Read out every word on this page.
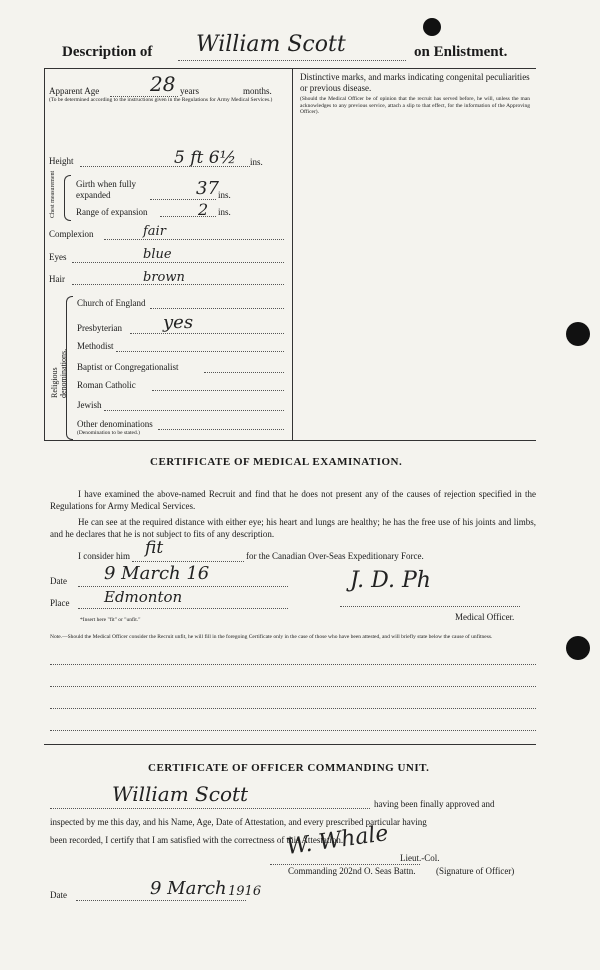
Description of William Scott	on Enlistment.
Apparent Age	28 years	months.
(To be determined according to the instructions given in the Regulations for Army Medical Services.)
Height	5 ft 6½ ins.
Chest measurement Girth when fully expanded	37 ins.
Range of expansion	2 ins.
Complexion	fair
Eyes	blue
Hair	brown
Religious denominations.
Church of England
Presbyterian yes
Methodist
Baptist or Congregationalist
Roman Catholic
Jewish
Other denominations
(Denomination to be stated.)
Distinctive marks, and marks indicating congenital peculiarities or previous disease.
(Should the Medical Officer be of opinion that the recruit has served before, he will, unless the man acknowledges to any previous service, attach a slip to that effect, for the information of the Approving Officer).
CERTIFICATE OF MEDICAL EXAMINATION.
I have examined the above-named Recruit and find that he does not present any of the causes of rejection specified in the Regulations for Army Medical Services.
He can see at the required distance with either eye; his heart and lungs are healthy; he has the free use of his joints and limbs, and he declares that he is not subject to fits of any description.
I consider him fit	for the Canadian Over-Seas Expeditionary Force.
Date 9 March 16
Place Edmonton
*Insert here "fit" or "unfit."
J. D. Ph
Medical Officer.
Note.—Should the Medical Officer consider the Recruit unfit, he will fill in the foregoing Certificate only in the case of those who have been attested, and will briefly state below the cause of unfitness.
CERTIFICATE OF OFFICER COMMANDING UNIT.
William Scott	having been finally approved and
inspected by me this day, and his Name, Age, Date of Attestation, and every prescribed particular having
been recorded, I certify that I am satisfied with the correctness of this Attestation.
W. Whale Lieut.-Col.
Commanding 202nd O. Seas Battn. (Signature of Officer)
Date	9 March 1916
